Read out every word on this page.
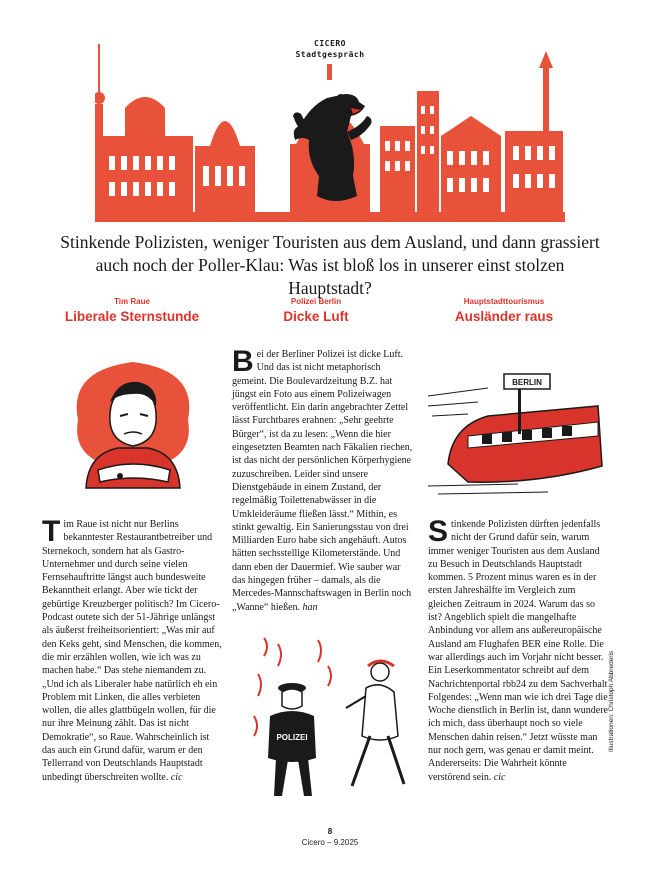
CICERO
Stadtgespräch
Stinkende Polizisten, weniger Touristen aus dem Ausland, und dann grassiert auch noch der Poller-Klau: Was ist bloß los in unserer einst stolzen Hauptstadt?
Tim Raue
Liberale Sternstunde
Polizei Berlin
Dicke Luft
Hauptstadttourismus
Ausländer raus

Tim Raue ist nicht nur Berlins bekanntester Restaurantbetreiber und Sternekoch, sondern hat als Gastro-Unternehmer und durch seine vielen Fernsehauftritte längst auch bundesweite Bekanntheit erlangt. Aber wie tickt der gebürtige Kreuzberger politisch? Im Cicero-Podcast outete sich der 51-Jährige unlängst als äußerst freiheitsorientiert: „Was mir auf den Keks geht, sind Menschen, die kommen, die mir erzählen wollen, wie ich was zu machen habe.“ Das stehe niemandem zu. „Und ich als Liberaler habe natürlich eh ein Problem mit Linken, die alles verbieten wollen, die alles glattbügeln wollen, für die nur ihre Meinung zählt. Das ist nicht Demokratie“, so Raue. Wahrscheinlich ist das auch ein Grund dafür, warum er den Tellerrand von Deutschlands Hauptstadt unbedingt überschreiten wollte. cic

Bei der Berliner Polizei ist dicke Luft. Und das ist nicht metaphorisch gemeint. Die Boulevardzeitung B.Z. hat jüngst ein Foto aus einem Polizeiwagen veröffentlicht. Ein darin angebrachter Zettel lässt Furchtbares erahnen: „Sehr geehrte Bürger“, ist da zu lesen: „Wenn die hier eingesetzten Beamten nach Fäkalien riechen, ist das nicht der persönlichen Körperhygiene zuzuschreiben. Leider sind unsere Dienstgebäude in einem Zustand, der regelmäßig Toilettenabwässer in die Umkleideräume fließen lässt.“ Mithin, es stinkt gewaltig. Ein Sanierungsstau von drei Milliarden Euro habe sich angehäuft. Autos hätten sechsstellige Kilometerstände. Und dann eben der Dauermief. Wie sauber war das hingegen früher – damals, als die Mercedes-Mannschaftswagen in Berlin noch „Wanne“ hießen. han

POLIZEI
BERLIN

Stinkende Polizisten dürften jedenfalls nicht der Grund dafür sein, warum immer weniger Touristen aus dem Ausland zu Besuch in Deutschlands Hauptstadt kommen. 5 Prozent minus waren es in der ersten Jahreshälfte im Vergleich zum gleichen Zeitraum in 2024. Warum das so ist? Angeblich spielt die mangelhafte Anbindung vor allem ans außereuropäische Ausland am Flughafen BER eine Rolle. Die war allerdings auch im Vorjahr nicht besser. Ein Leserkommentator schreibt auf dem Nachrichtenportal rbb24 zu dem Sachverhalt Folgendes: „Wenn man wie ich drei Tage die Woche dienstlich in Berlin ist, dann wundere ich mich, dass überhaupt noch so viele Menschen dahin reisen.“ Jetzt wüsste man nur noch gern, was genau er damit meint. Andererseits: Die Wahrheit könnte verstörend sein. cic

Illustrationen: Christoph Abbrederis
8
Cicero – 9.2025
